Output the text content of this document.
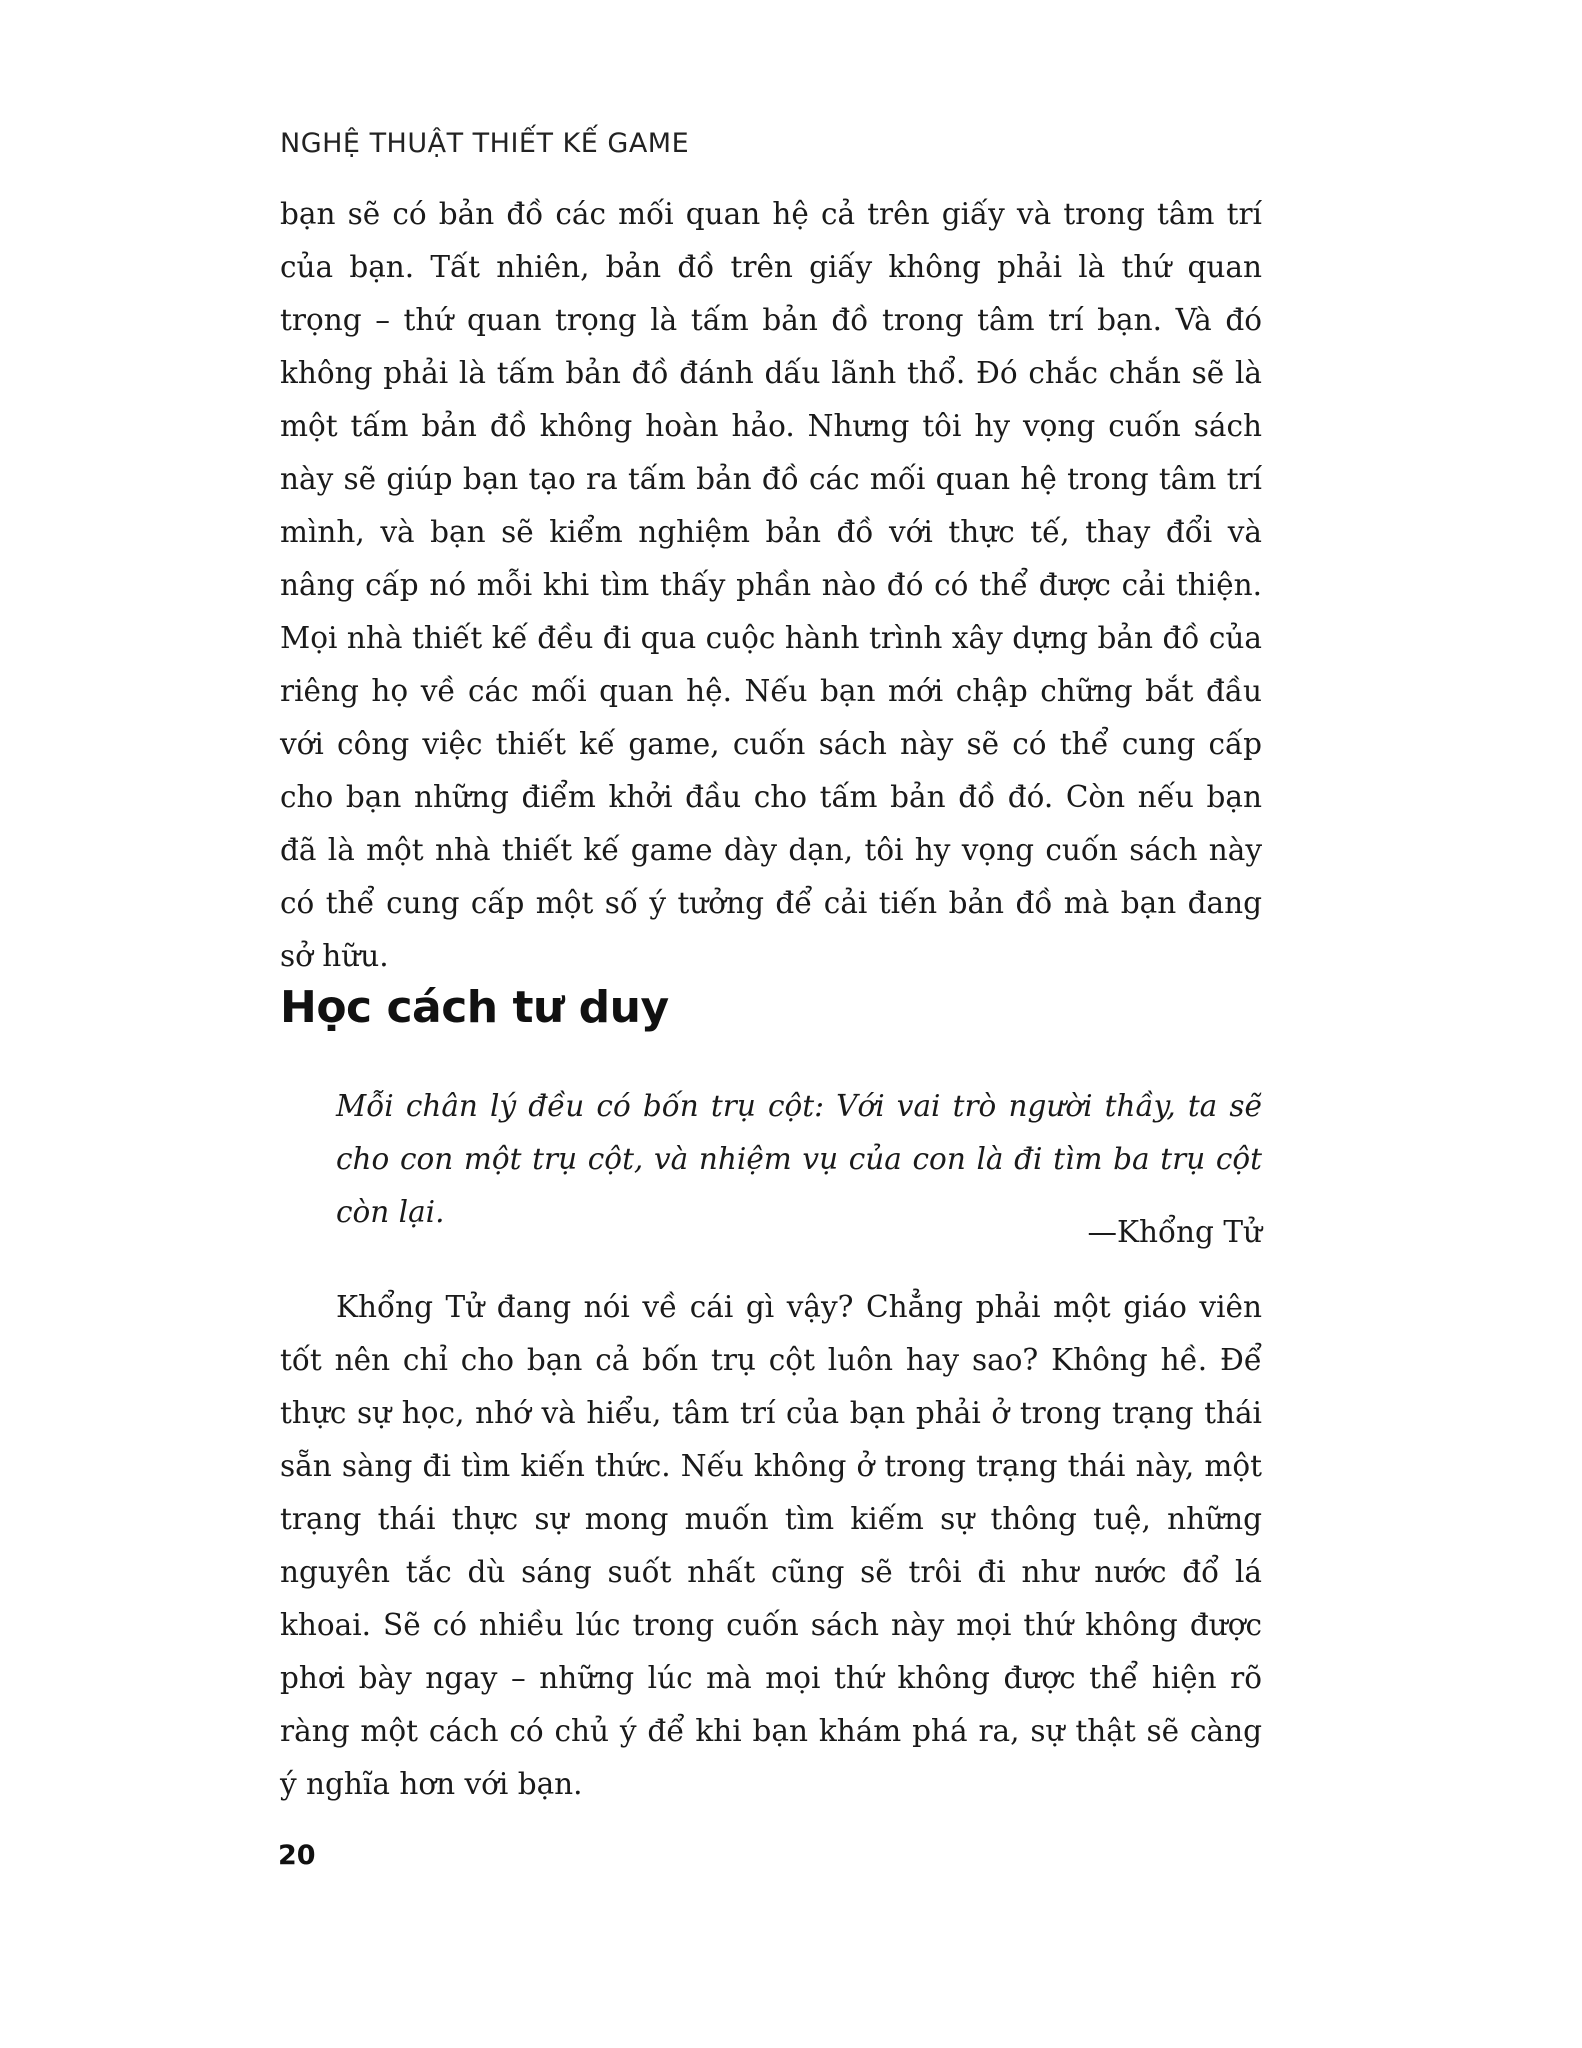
NGHỆ THUẬT THIẾT KẾ GAME

bạn sẽ có bản đồ các mối quan hệ cả trên giấy và trong tâm trí của bạn. Tất nhiên, bản đồ trên giấy không phải là thứ quan trọng – thứ quan trọng là tấm bản đồ trong tâm trí bạn. Và đó không phải là tấm bản đồ đánh dấu lãnh thổ. Đó chắc chắn sẽ là một tấm bản đồ không hoàn hảo. Nhưng tôi hy vọng cuốn sách này sẽ giúp bạn tạo ra tấm bản đồ các mối quan hệ trong tâm trí mình, và bạn sẽ kiểm nghiệm bản đồ với thực tế, thay đổi và nâng cấp nó mỗi khi tìm thấy phần nào đó có thể được cải thiện. Mọi nhà thiết kế đều đi qua cuộc hành trình xây dựng bản đồ của riêng họ về các mối quan hệ. Nếu bạn mới chập chững bắt đầu với công việc thiết kế game, cuốn sách này sẽ có thể cung cấp cho bạn những điểm khởi đầu cho tấm bản đồ đó. Còn nếu bạn đã là một nhà thiết kế game dày dạn, tôi hy vọng cuốn sách này có thể cung cấp một số ý tưởng để cải tiến bản đồ mà bạn đang sở hữu.

Học cách tư duy

Mỗi chân lý đều có bốn trụ cột: Với vai trò người thầy, ta sẽ cho con một trụ cột, và nhiệm vụ của con là đi tìm ba trụ cột còn lại.

—Khổng Tử

Khổng Tử đang nói về cái gì vậy? Chẳng phải một giáo viên tốt nên chỉ cho bạn cả bốn trụ cột luôn hay sao? Không hề. Để thực sự học, nhớ và hiểu, tâm trí của bạn phải ở trong trạng thái sẵn sàng đi tìm kiến thức. Nếu không ở trong trạng thái này, một trạng thái thực sự mong muốn tìm kiếm sự thông tuệ, những nguyên tắc dù sáng suốt nhất cũng sẽ trôi đi như nước đổ lá khoai. Sẽ có nhiều lúc trong cuốn sách này mọi thứ không được phơi bày ngay – những lúc mà mọi thứ không được thể hiện rõ ràng một cách có chủ ý để khi bạn khám phá ra, sự thật sẽ càng ý nghĩa hơn với bạn.

20
